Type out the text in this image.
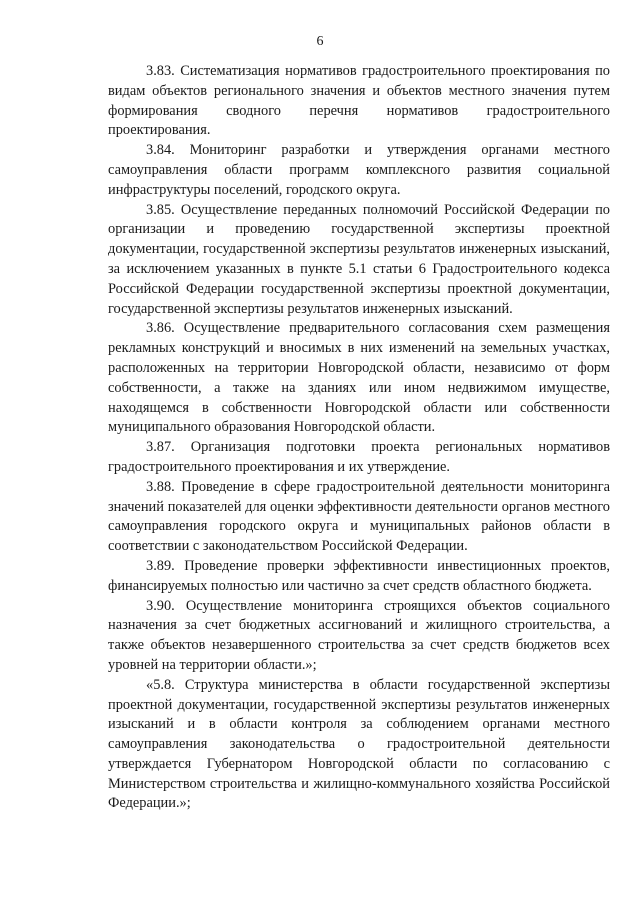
6

3.83. Систематизация нормативов градостроительного проектирования по видам объектов регионального значения и объектов местного значения путем формирования сводного перечня нормативов градостроительного проектирования.

3.84. Мониторинг разработки и утверждения органами местного самоуправления области программ комплексного развития социальной инфраструктуры поселений, городского округа.

3.85. Осуществление переданных полномочий Российской Федерации по организации и проведению государственной экспертизы проектной документации, государственной экспертизы результатов инженерных изысканий, за исключением указанных в пункте 5.1 статьи 6 Градостроительного кодекса Российской Федерации государственной экспертизы проектной документации, государственной экспертизы результатов инженерных изысканий.

3.86. Осуществление предварительного согласования схем размещения рекламных конструкций и вносимых в них изменений на земельных участках, расположенных на территории Новгородской области, независимо от форм собственности, а также на зданиях или ином недвижимом имуществе, находящемся в собственности Новгородской области или собственности муниципального образования Новгородской области.

3.87. Организация подготовки проекта региональных нормативов градостроительного проектирования и их утверждение.

3.88. Проведение в сфере градостроительной деятельности мониторинга значений показателей для оценки эффективности деятельности органов местного самоуправления городского округа и муниципальных районов области в соответствии с законодательством Российской Федерации.

3.89. Проведение проверки эффективности инвестиционных проектов, финансируемых полностью или частично за счет средств областного бюджета.

3.90. Осуществление мониторинга строящихся объектов социального назначения за счет бюджетных ассигнований и жилищного строительства, а также объектов незавершенного строительства за счет средств бюджетов всех уровней на территории области.»;

«5.8. Структура министерства в области государственной экспертизы проектной документации, государственной экспертизы результатов инженерных изысканий и в области контроля за соблюдением органами местного самоуправления законодательства о градостроительной деятельности утверждается Губернатором Новгородской области по согласованию с Министерством строительства и жилищно-коммунального хозяйства Российской Федерации.»;
